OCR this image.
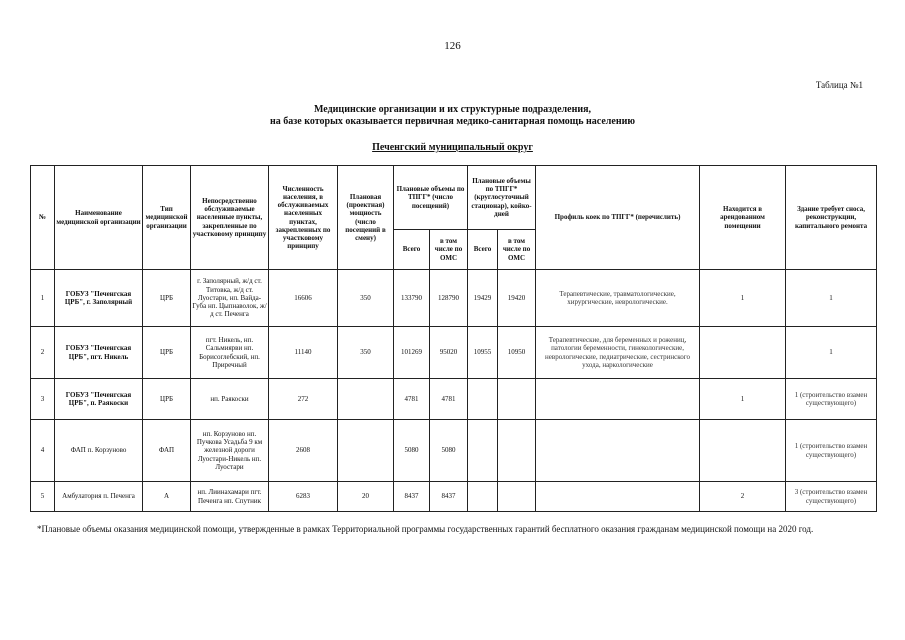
126
Таблица №1
Медицинские организации и их структурные подразделения,
на базе которых оказывается первичная медико-санитарная помощь населению
Печенгский муниципальный округ
№	Наименование медицинской организации	Тип медицинской организации	Непосредственно обслуживаемые населенные пункты, закрепленные по участковому принципу	Численность населения, в обслуживаемых населенных пунктах, закрепленных по участковому принципу	Плановая (проектная) мощность (число посещений в смену)	Плановые объемы по ТПГГ* (число посещений)		Плановые объемы по ТПГГ* (круглосуточный стационар), койко-дней		Профиль коек по ТПГГ* (перечислить)	Находится в арендованном помещении	Здание требует сноса, реконструкции, капитального ремонта
						Всего	в том числе по ОМС	Всего	в том числе по ОМС			
1	ГОБУЗ "Печенгская ЦРБ", г. Заполярный	ЦРБ	г. Заполярный, ж/д ст. Титовка, ж/д ст. Луостари, нп. Вайда-Губа нп. Цыпнаволок, ж/д ст. Печенга	16606	350	133790	128790	19429	19420	Терапевтические, травматологические, хирургические, неврологические.	1	1
2	ГОБУЗ "Печенгская ЦРБ", пгт. Никель	ЦРБ	пгт. Никель, нп. Сальмиярви нп. Борисоглебский, нп. Приречный	11140	350	101269	95020	10955	10950	Терапевтические, для беременных и рожениц, патологии беременности, гинекологические, неврологические, педиатрические, сестринского ухода, наркологические		1
3	ГОБУЗ "Печенгская ЦРБ", п. Раякоски	ЦРБ	нп. Раякоски	272		4781	4781				1	1 (строительство взамен существующего)
4	ФАП п. Корзуново	ФАП	нп. Корзуново нп. Пучкова Усадьба 9 км железной дороги Луостари-Никель нп. Луостари	2608		5080	5080					1 (строительство взамен существующего)
5	Амбулатория п. Печенга	А	нп. Лиинахамари пгт. Печенга нп. Спутник	6283	20	8437	8437				2	3 (строительство взамен существующего)
*Плановые объемы оказания медицинской помощи, утвержденные в рамках Территориальной программы государственных гарантий бесплатного оказания гражданам медицинской помощи на 2020 год.
